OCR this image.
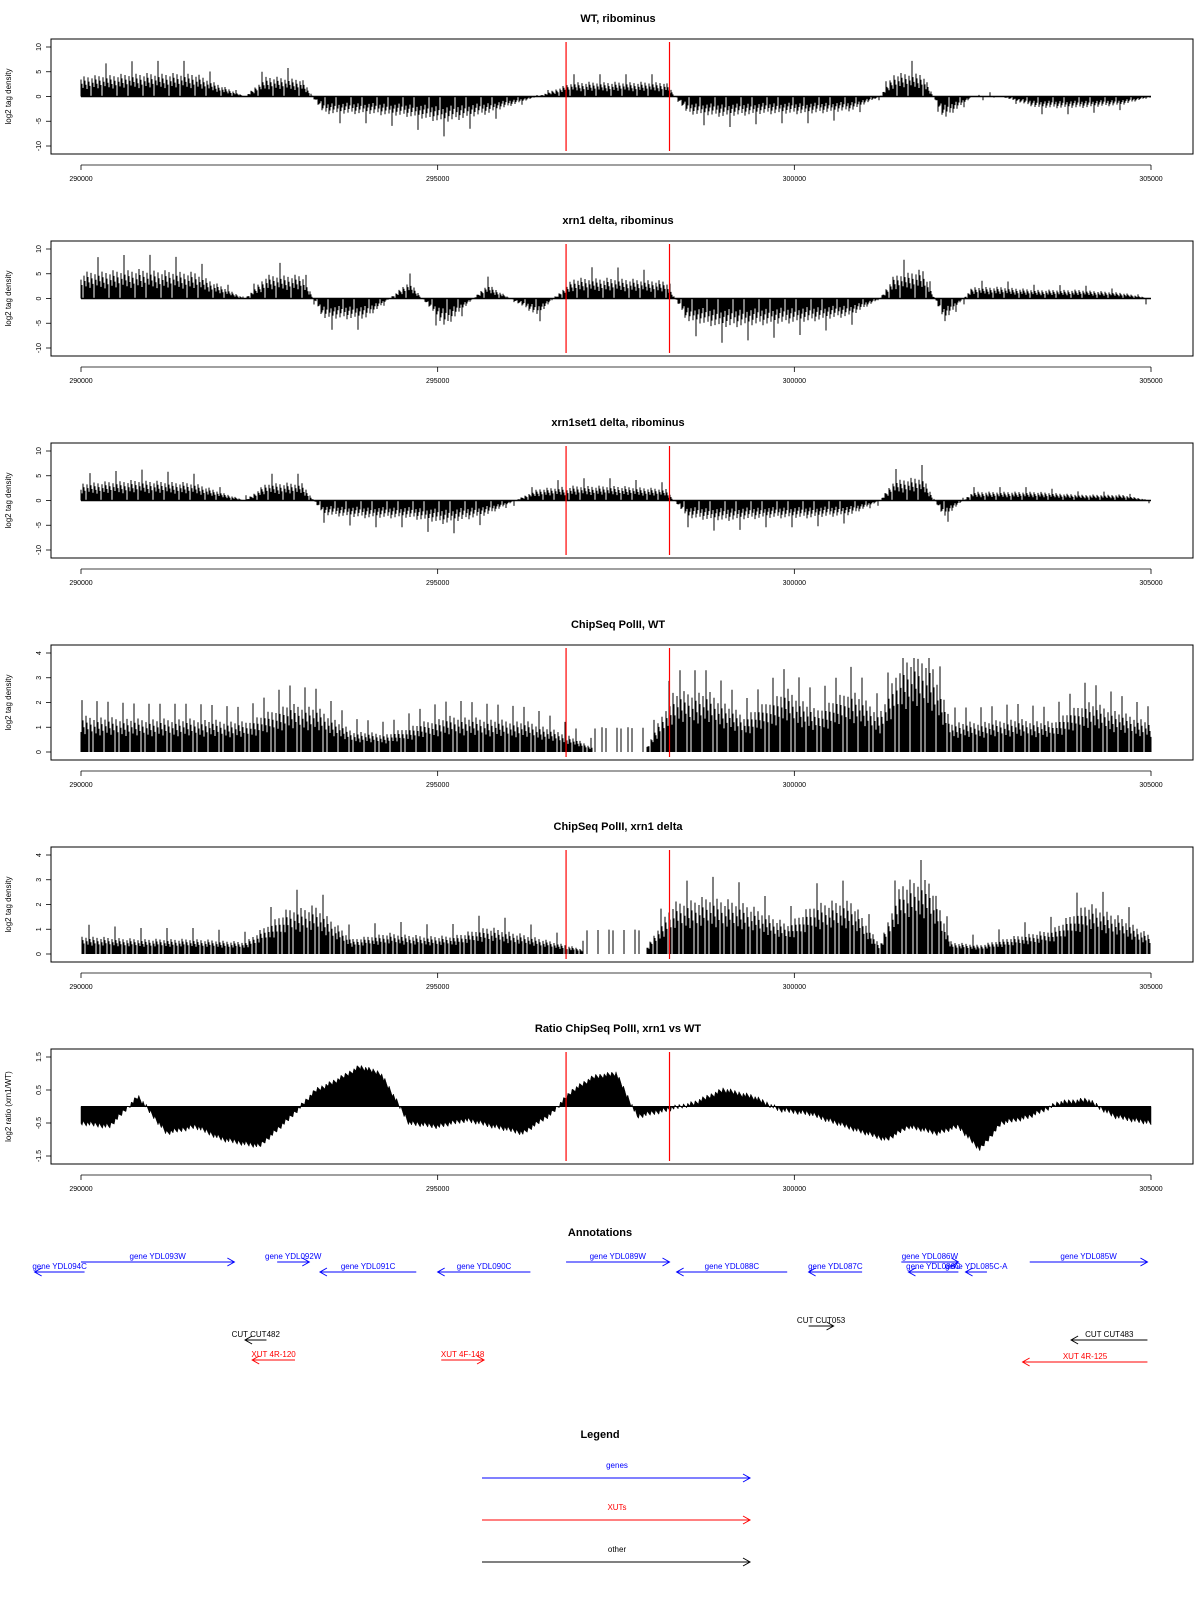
WT, ribominus
log2 tag density
-10
-5
0
5
10
290000	295000	300000	305000
xrn1 delta, ribominus
log2 tag density
-10
-5
0
5
10
290000	295000	300000	305000
xrn1set1 delta, ribominus
log2 tag density
-10
-5
0
5
10
290000	295000	300000	305000
ChipSeq PolII, WT
log2 tag density
0
1
2
3
4
290000	295000	300000	305000
ChipSeq PolII, xrn1 delta
log2 tag density
0
1
2
3
4
290000	295000	300000	305000
Ratio ChipSeq PolII, xrn1 vs WT
log2 ratio (xrn1/WT)
-1.5
-0.5
0.5
1.5
290000	295000	300000	305000
Annotations
gene YDL094C
gene YDL093W	gene YDL092W
gene YDL091C	gene YDL090C
gene YDL089W
gene YDL088C	gene YDL087C
gene YDL086W
gene YDL086C
gene YDL085C-A
gene YDL085W
CUT CUT482
CUT CUT053
CUT CUT483
XUT 4R-120	XUT 4F-148	XUT 4R-125
Legend
genes
XUTs
other
